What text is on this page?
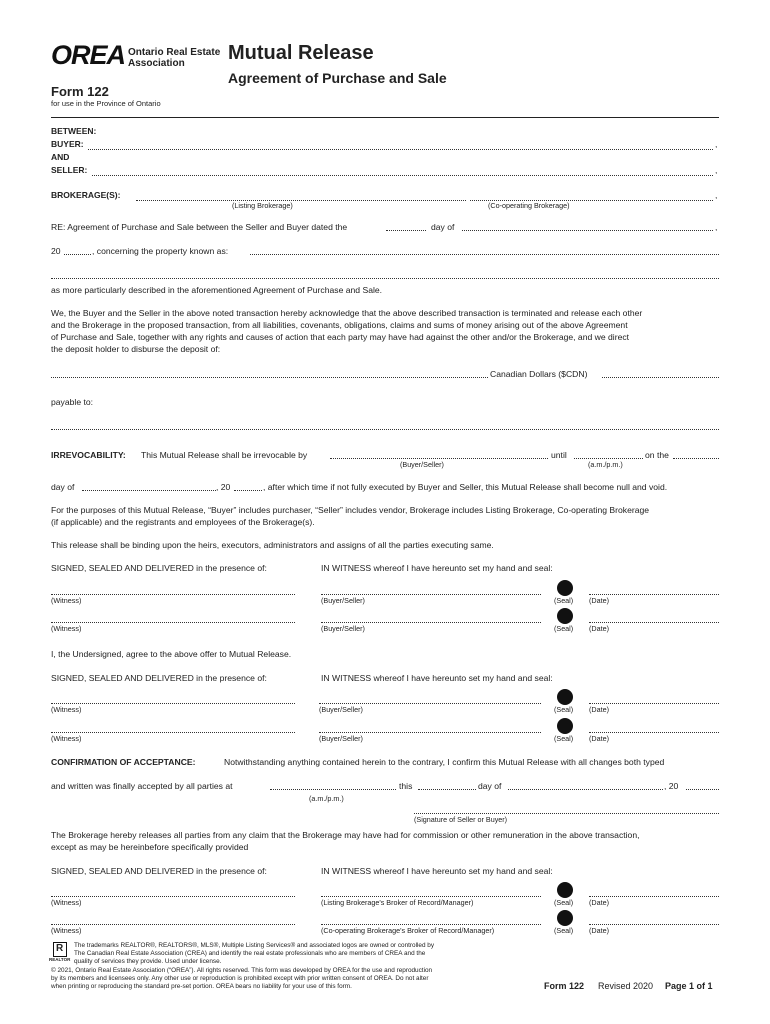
OREA Ontario Real Estate
Association
Form 122
for use in the Province of Ontario
Mutual Release
Agreement of Purchase and Sale
BETWEEN:
BUYER:	,
AND
SELLER:	,
BROKERAGE(S):	,
(Listing Brokerage)	(Co-operating Brokerage)
RE: Agreement of Purchase and Sale between the Seller and Buyer dated the	day of	,
20	, concerning the property known as:
as more particularly described in the aforementioned Agreement of Purchase and Sale.
We, the Buyer and the Seller in the above noted transaction hereby acknowledge that the above described transaction is terminated and release each other
and the Brokerage in the proposed transaction, from all liabilities, covenants, obligations, claims and sums of money arising out of the above Agreement
of Purchase and Sale, together with any rights and causes of action that each party may have had against the other and/or the Brokerage, and we direct
the deposit holder to disburse the deposit of:
Canadian Dollars ($CDN)
payable to:
IRREVOCABILITY: This Mutual Release shall be irrevocable by	until	on the
(Buyer/Seller)	(a.m./p.m.)
day of	, 20	, after which time if not fully executed by Buyer and Seller, this Mutual Release shall become null and void.
For the purposes of this Mutual Release, “Buyer” includes purchaser, “Seller” includes vendor, Brokerage includes Listing Brokerage, Co-operating Brokerage
(if applicable) and the registrants and employees of the Brokerage(s).
This release shall be binding upon the heirs, executors, administrators and assigns of all the parties executing same.
SIGNED, SEALED AND DELIVERED in the presence of:	IN WITNESS whereof I have hereunto set my hand and seal:
(Witness)	(Buyer/Seller)	(Seal) (Date)
(Witness)	(Buyer/Seller)	(Seal) (Date)
I, the Undersigned, agree to the above offer to Mutual Release.
SIGNED, SEALED AND DELIVERED in the presence of:	IN WITNESS whereof I have hereunto set my hand and seal:
(Witness)	(Buyer/Seller)	(Seal) (Date)
(Witness)	(Buyer/Seller)	(Seal) (Date)
CONFIRMATION OF ACCEPTANCE:	Notwithstanding anything contained herein to the contrary, I confirm this Mutual Release with all changes both typed
and written was finally accepted by all parties at	this	day of	, 20
(a.m./p.m.)
(Signature of Seller or Buyer)
The Brokerage hereby releases all parties from any claim that the Brokerage may have had for commission or other remuneration in the above transaction,
except as may be hereinbefore specifically provided
SIGNED, SEALED AND DELIVERED in the presence of:	IN WITNESS whereof I have hereunto set my hand and seal:
(Witness)	(Listing Brokerage's Broker of Record/Manager)	(Seal) (Date)
(Witness)	(Co-operating Brokerage's Broker of Record/Manager)	(Seal) (Date)
R
REALTOR
The trademarks REALTOR®, REALTORS®, MLS®, Multiple Listing Services® and associated logos are owned or controlled by
The Canadian Real Estate Association (CREA) and identify the real estate professionals who are members of CREA and the
quality of services they provide. Used under license.
© 2021, Ontario Real Estate Association (“OREA”). All rights reserved. This form was developed by OREA for the use and reproduction
by its members and licensees only. Any other use or reproduction is prohibited except with prior written consent of OREA. Do not alter
when printing or reproducing the standard pre-set portion. OREA bears no liability for your use of this form.	Form 122 Revised 2020 Page 1 of 1
